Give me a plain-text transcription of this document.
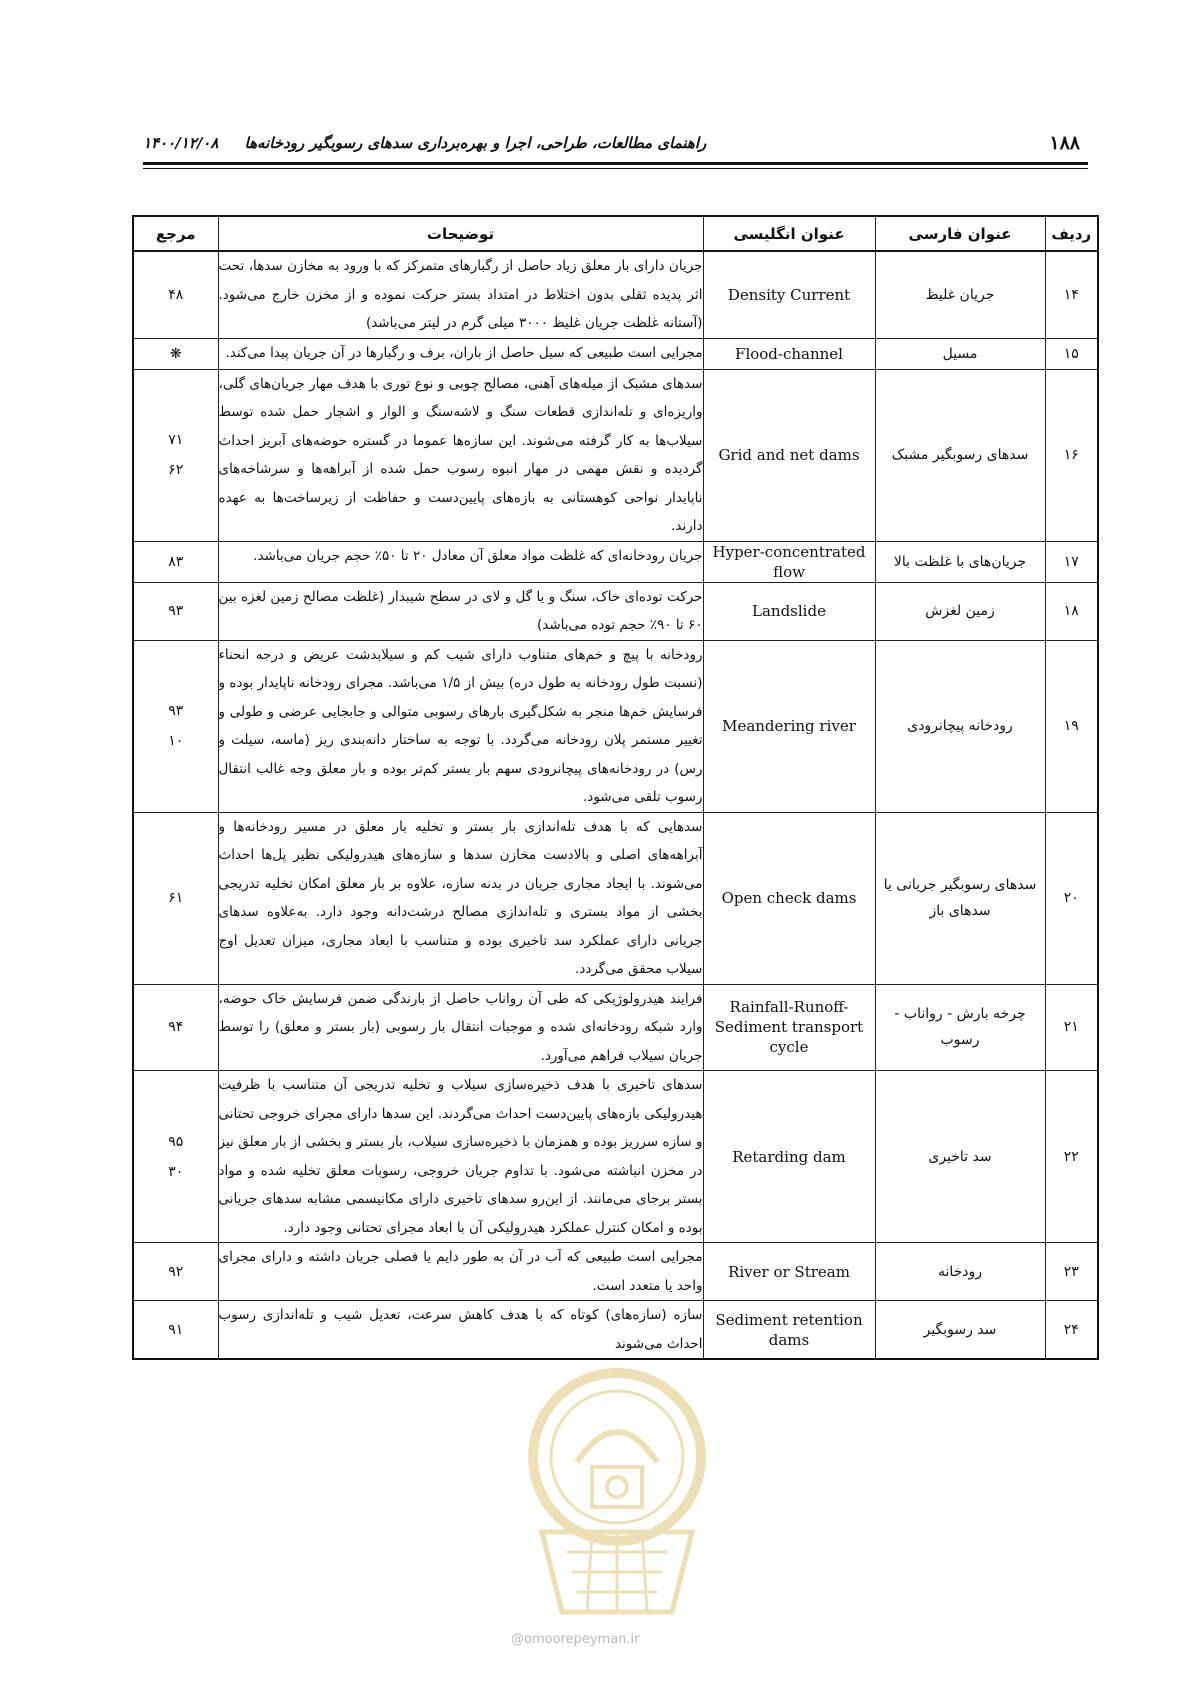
۱۸۸
راهنمای مطالعات، طراحی، اجرا و بهره‌برداری سدهای رسوبگیر رودخانه‌ها     ۱۴۰۰/۱۲/۰۸
ردیف	عنوان فارسی	عنوان انگلیسی	توضیحات	مرجع
۱۴	جریان غلیظ	Density Current	جریان دارای بار معلق زیاد حاصل از رگبارهای متمرکز که با ورود به مخازن سدها، تحت اثر پدیده ثقلی بدون اختلاط در امتداد بستر حرکت نموده و از مخزن خارج می‌شود. (آستانه غلظت جریان غلیظ ۳۰۰۰ میلی گرم در لیتر می‌باشد)	۴۸

۱۵	مسیل	Flood-channel	مجرایی است طبیعی که سیل حاصل از باران، برف و رگبارها در آن جریان پیدا می‌کند.	❋

۱۶	سدهای رسوبگیر مشبک	Grid and net dams	سدهای مشبک از میله‌های آهنی، مصالح چوبی و نوع توری با هدف مهار جریان‌های گلی، واریزه‌ای و تله‌اندازی قطعات سنگ و لاشه‌سنگ و الوار و اشجار حمل شده توسط سیلاب‌ها به کار گرفته می‌شوند. این سازه‌ها عموما در گستره حوضه‌های آبریز احداث گردیده و نقش مهمی در مهار انبوه رسوب حمل شده از آبراهه‌ها و سرشاخه‌های ناپایدار نواحی کوهستانی به بازه‌های پایین‌دست و حفاظت از زیرساخت‌ها به عهده دارند.	۷۱
۶۲

۱۷	جریان‌های با غلظت بالا	Hyper-concentrated flow	جریان رودخانه‌ای که غلظت مواد معلق آن معادل ۲۰ تا ۵۰٪ حجم جریان می‌باشد.	۸۳

۱۸	زمین لغزش	Landslide	حرکت توده‌ای خاک، سنگ و یا گل و لای در سطح شیبدار (غلظت مصالح زمین لغزه بین ۶۰ تا ۹۰٪ حجم توده می‌باشد)	۹۳

۱۹	رودخانه پیچانرودی	Meandering river	رودخانه با پیچ و خم‌های متناوب دارای شیب کم و سیلابدشت عریض و درجه انحناء (نسبت طول رودخانه به طول دره) بیش از ۱/۵ می‌باشد. مجرای رودخانه ناپایدار بوده و فرسایش خم‌ها منجر به شکل‌گیری بارهای رسوبی متوالی و جابجایی عرضی و طولی و تغییر مستمر پلان رودخانه می‌گردد. با توجه به ساختار دانه‌بندی ریز (ماسه، سیلت و رس) در رودخانه‌های پیچانرودی سهم بار بستر کم‌تر بوده و بار معلق وجه غالب انتقال رسوب تلقی می‌شود.	۹۳
۱۰

۲۰	سدهای رسوبگیر جریانی یا سدهای باز	Open check dams	سدهایی که با هدف تله‌اندازی بار بستر و تخلیه بار معلق در مسیر رودخانه‌ها و آبراهه‌های اصلی و بالادست مخازن سدها و سازه‌های هیدرولیکی نظیر پل‌ها احداث می‌شوند. با ایجاد مجاری جریان در بدنه سازه، علاوه بر بار معلق امکان تخلیه تدریجی بخشی از مواد بستری و تله‌اندازی مصالح درشت‌دانه وجود دارد. به‌علاوه سدهای جریانی دارای عملکرد سد تاخیری بوده و متناسب با ابعاد مجاری، میزان تعدیل اوج سیلاب محقق می‌گردد.	۶۱

۲۱	چرخه بارش - رواناب - رسوب	Rainfall-Runoff-Sediment transport cycle	فرایند هیدرولوژیکی که طی آن رواناب حاصل از بارندگی ضمن فرسایش خاک حوضه، وارد شبکه رودخانه‌ای شده و موجبات انتقال بار رسوبی (بار بستر و معلق) را توسط جریان سیلاب فراهم می‌آورد.	۹۴

۲۲	سد تاخیری	Retarding dam	سدهای تاخیری با هدف ذخیره‌سازی سیلاب و تخلیه تدریجی آن متناسب با ظرفیت هیدرولیکی بازه‌های پایین‌دست احداث می‌گردند. این سدها دارای مجرای خروجی تحتانی و سازه سرریز بوده و همزمان با ذخیره‌سازی سیلاب، بار بستر و بخشی از بار معلق نیز در مخزن انباشته می‌شود. با تداوم جریان خروجی، رسوبات معلق تخلیه شده و مواد بستر برجای می‌مانند. از این‌رو سدهای تاخیری دارای مکانیسمی مشابه سدهای جریانی بوده و امکان کنترل عملکرد هیدرولیکی آن با ابعاد مجرای تحتانی وجود دارد.	۹۵
۳۰

۲۳	رودخانه	River or Stream	مجرایی است طبیعی که آب در آن به طور دایم یا فصلی جریان داشته و دارای مجرای واحد یا متعدد است.	۹۲

۲۴	سد رسوبگیر	Sediment retention dams	سازه (سازه‌های) کوتاه که با هدف کاهش سرعت، تعدیل شیب و تله‌اندازی رسوب احداث می‌شوند	۹۱
@omoorepeyman.ir
